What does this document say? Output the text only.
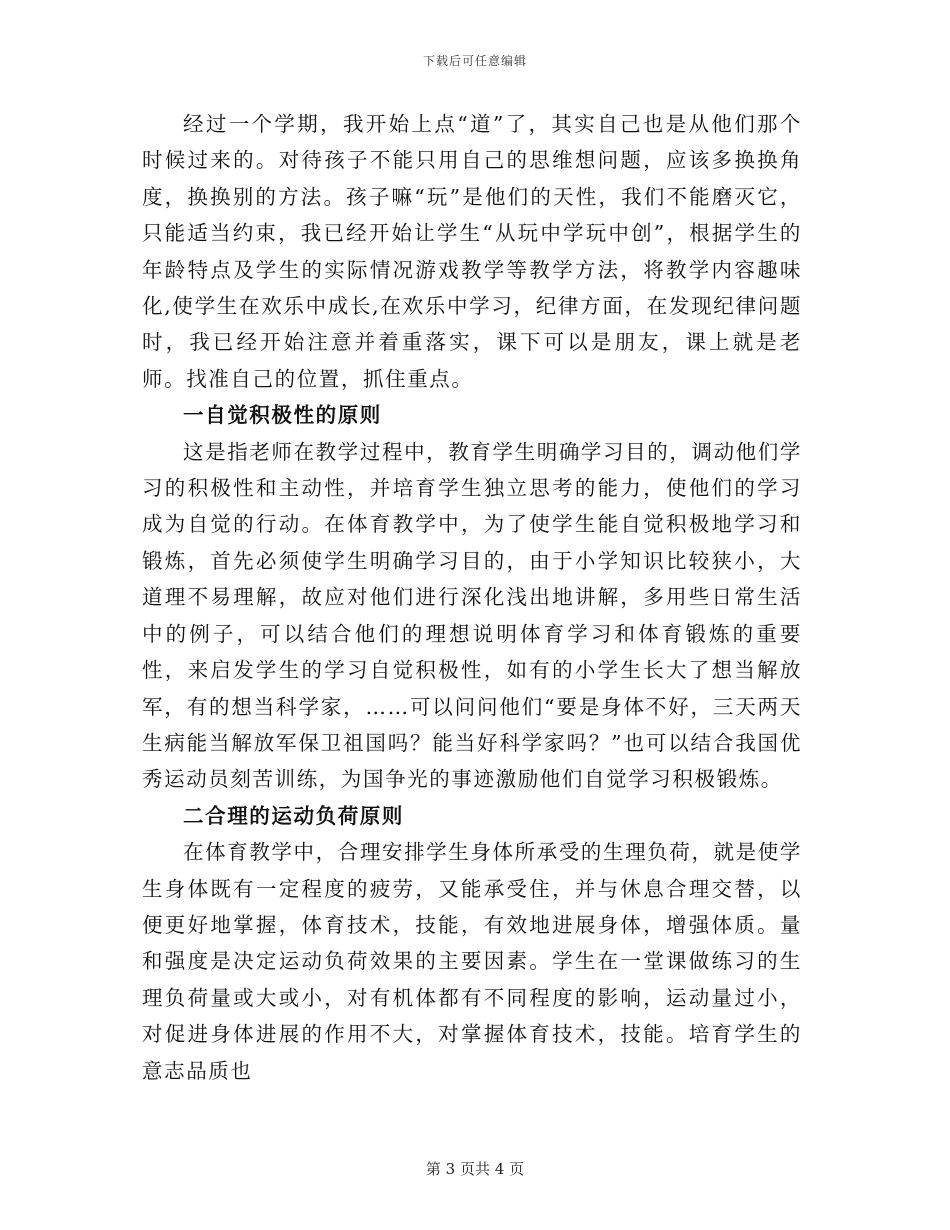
下载后可任意编辑

经过一个学期，我开始上点“道”了，其实自己也是从他们那个时候过来的。对待孩子不能只用自己的思维想问题，应该多换换角度，换换别的方法。孩子嘛“玩”是他们的天性，我们不能磨灭它，只能适当约束，我已经开始让学生“从玩中学玩中创”，根据学生的年龄特点及学生的实际情况游戏教学等教学方法，将教学内容趣味化,使学生在欢乐中成长,在欢乐中学习，纪律方面，在发现纪律问题时，我已经开始注意并着重落实，课下可以是朋友，课上就是老师。找准自己的位置，抓住重点。

一自觉积极性的原则

这是指老师在教学过程中，教育学生明确学习目的，调动他们学习的积极性和主动性，并培育学生独立思考的能力，使他们的学习成为自觉的行动。在体育教学中，为了使学生能自觉积极地学习和锻炼，首先必须使学生明确学习目的，由于小学知识比较狭小，大道理不易理解，故应对他们进行深化浅出地讲解，多用些日常生活中的例子，可以结合他们的理想说明体育学习和体育锻炼的重要性，来启发学生的学习自觉积极性，如有的小学生长大了想当解放军，有的想当科学家，……可以问问他们“要是身体不好，三天两天生病能当解放军保卫祖国吗？能当好科学家吗？”也可以结合我国优秀运动员刻苦训练，为国争光的事迹激励他们自觉学习积极锻炼。

二合理的运动负荷原则

在体育教学中，合理安排学生身体所承受的生理负荷，就是使学生身体既有一定程度的疲劳，又能承受住，并与休息合理交替，以便更好地掌握，体育技术，技能，有效地进展身体，增强体质。量和强度是决定运动负荷效果的主要因素。学生在一堂课做练习的生理负荷量或大或小，对有机体都有不同程度的影响，运动量过小，对促进身体进展的作用不大，对掌握体育技术，技能。培育学生的意志品质也

第 3 页共 4 页
